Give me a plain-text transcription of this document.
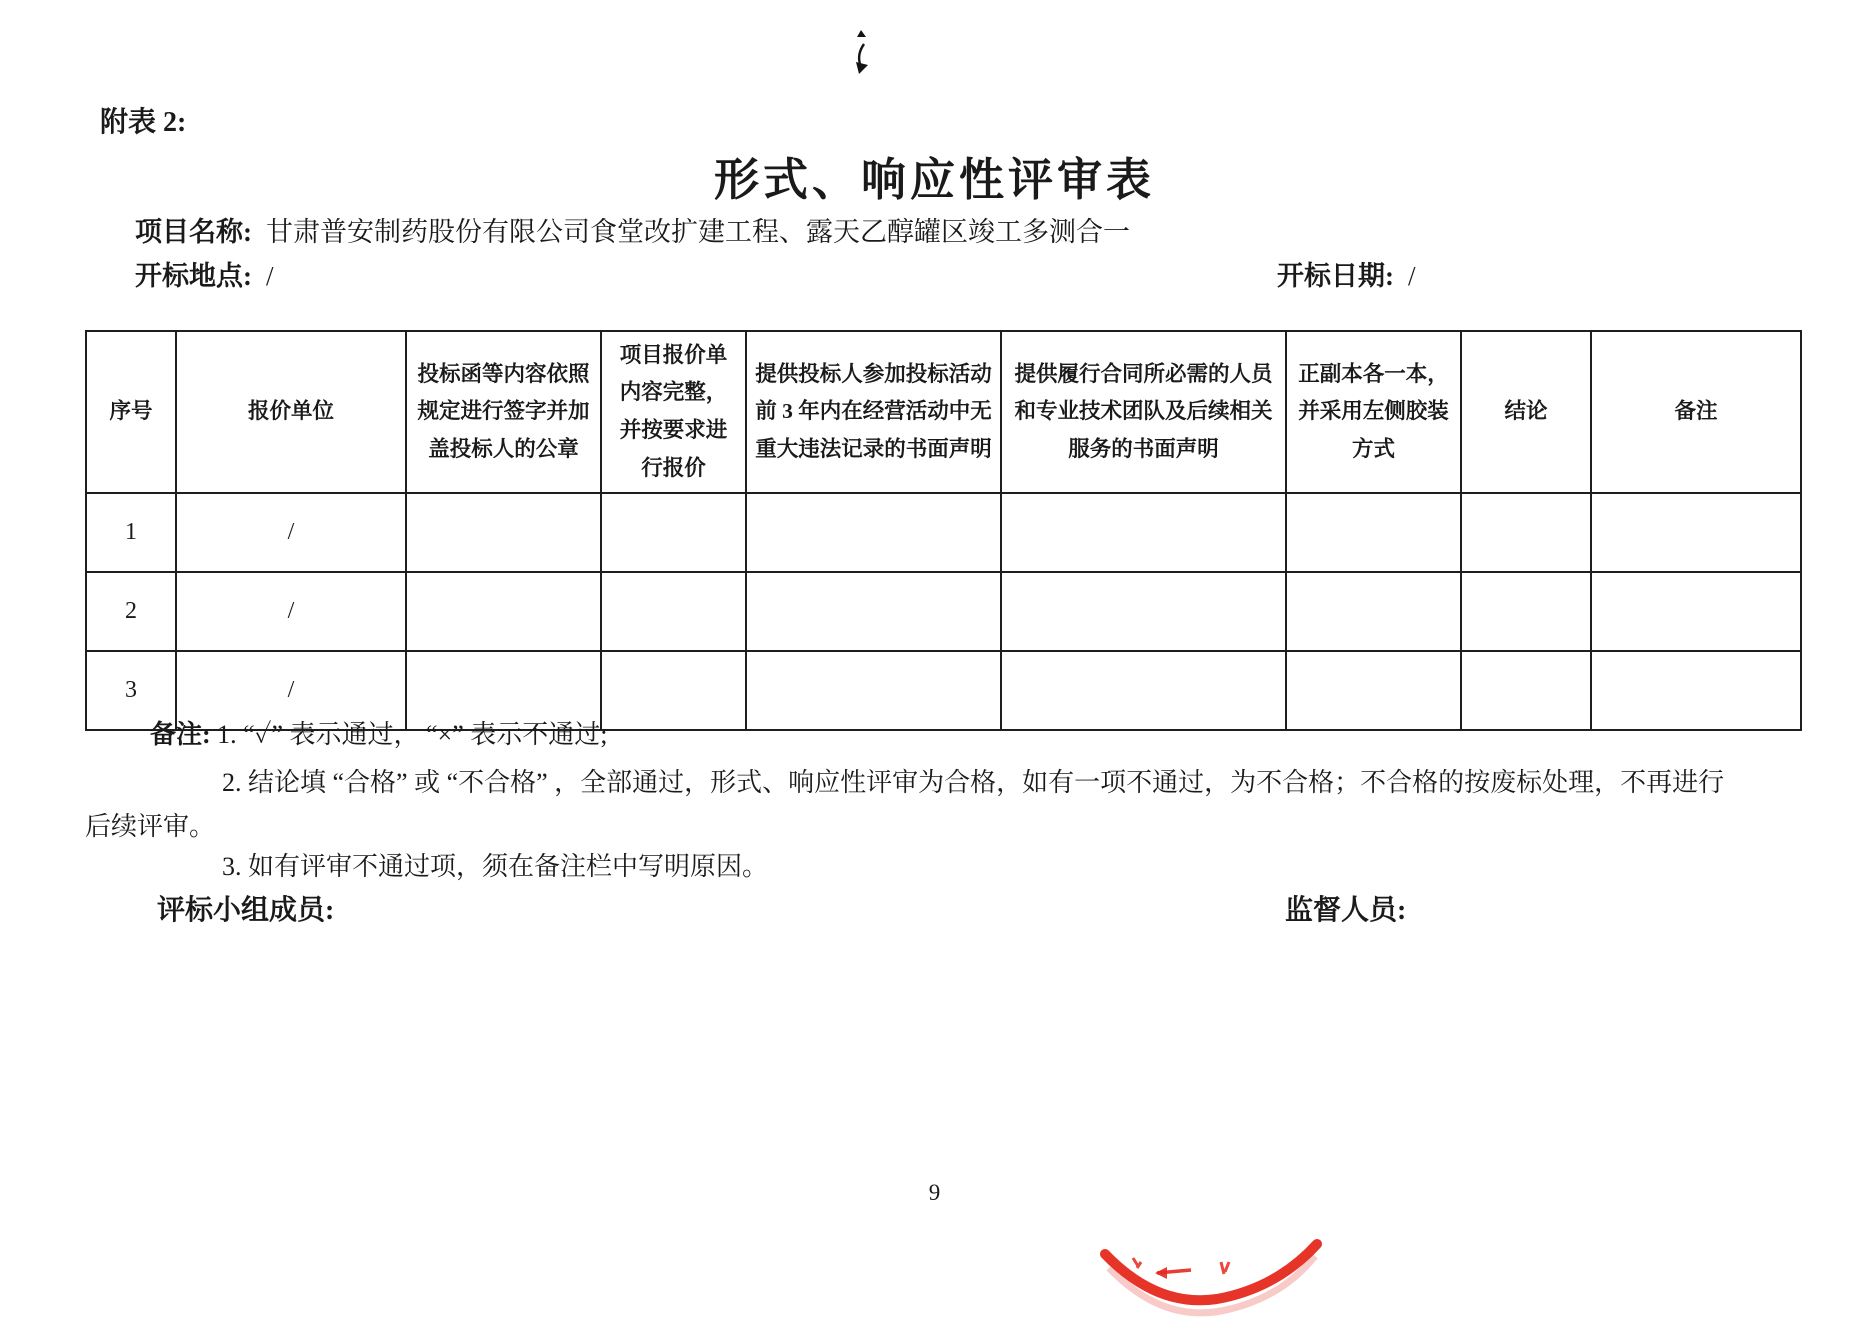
附表 2:
形式、响应性评审表
项目名称: 甘肃普安制药股份有限公司食堂改扩建工程、露天乙醇罐区竣工多测合一
开标地点: /	开标日期: /
序号	报价单位	投标函等内容依照规定进行签字并加盖投标人的公章	项目报价单内容完整，并按要求进行报价	提供投标人参加投标活动前 3 年内在经营活动中无重大违法记录的书面声明	提供履行合同所必需的人员和专业技术团队及后续相关服务的书面声明	正副本各一本，并采用左侧胶装方式	结论	备注
1	/							
2	/							
3	/							
备注: 1. “✓” 表示通过， “×” 表示不通过;
2. 结论填 “合格” 或 “不合格” ，全部通过，形式、响应性评审为合格，如有一项不通过，为不合格；不合格的按废标处理，不再进行
后续评审。
3. 如有评审不通过项，须在备注栏中写明原因。
评标小组成员:	监督人员:
9
